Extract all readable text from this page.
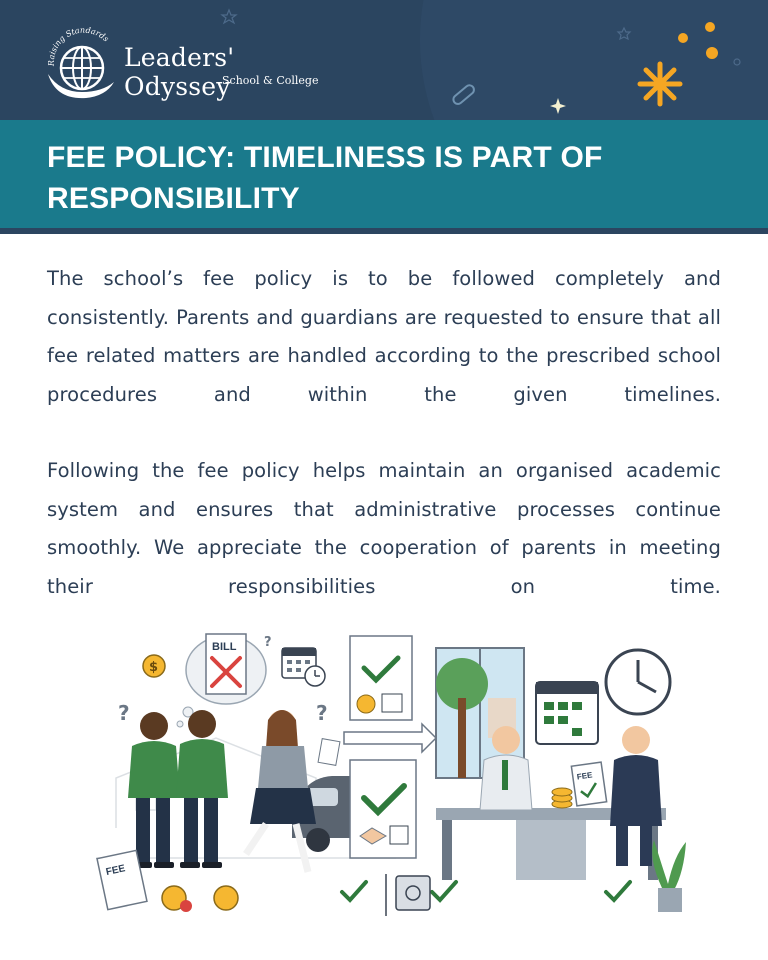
Raising Standards
Leaders' Odyssey
School & College
FEE POLICY: TIMELINESS IS PART OF RESPONSIBILITY

The school’s fee policy is to be followed completely and consistently. Parents and guardians are requested to ensure that all fee related matters are handled according to the prescribed school procedures and within the given timelines.

Following the fee policy helps maintain an organised academic system and ensures that administrative processes continue smoothly. We appreciate the cooperation of parents in meeting their responsibilities on time.

BILL
$
?	?
?
FEE
FEE
